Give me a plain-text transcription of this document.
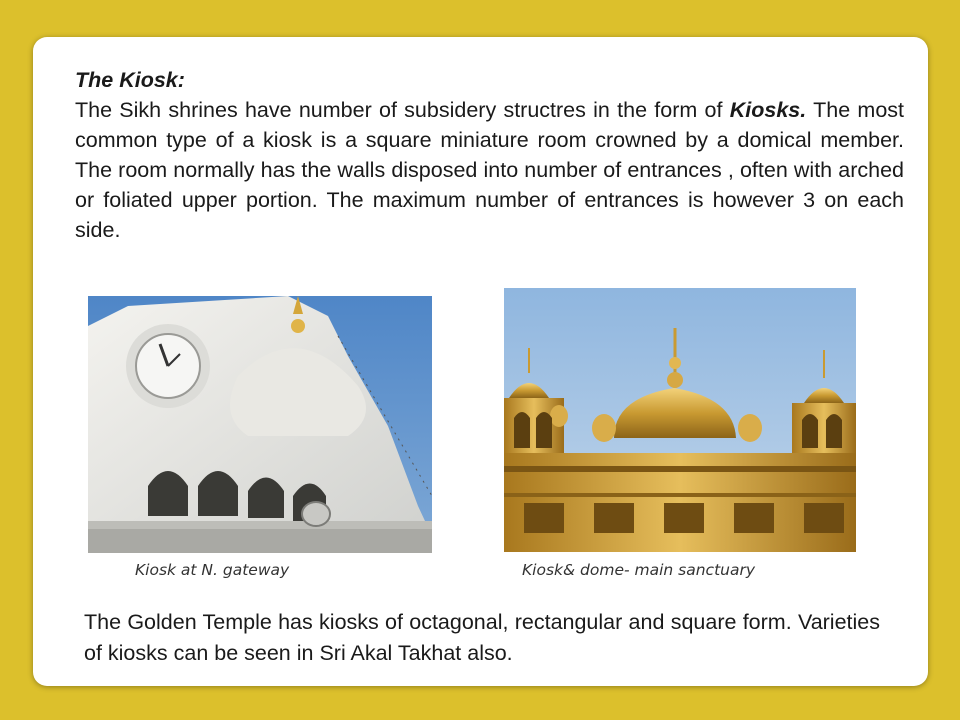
The Kiosk:
The Sikh shrines have number of subsidery structres in the form of Kiosks. The most common type of a kiosk is a square miniature room crowned by a domical member. The room normally has the walls disposed into number of entrances , often with arched or foliated upper portion. The maximum number of entrances is however 3 on each side.

Kiosk at N. gateway	Kiosk& dome- main sanctuary

The Golden Temple has kiosks of octagonal, rectangular and square form. Varieties of kiosks can be seen in Sri Akal Takhat also.
